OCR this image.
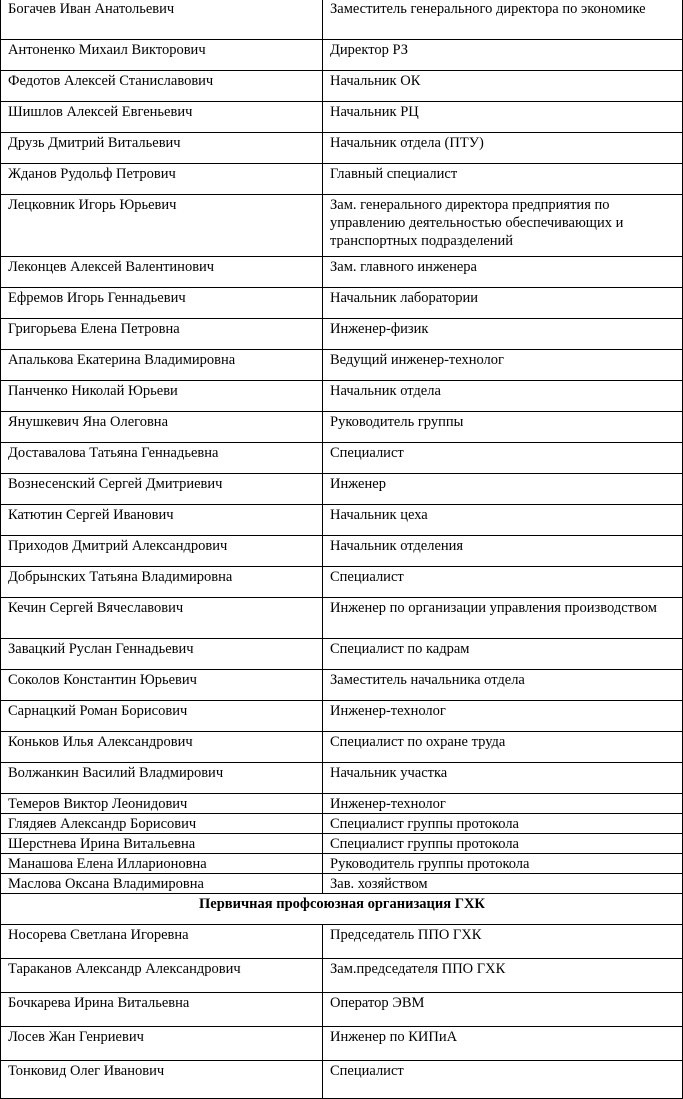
Богачев Иван Анатольевич	Заместитель генерального директора по экономике
Антоненко Михаил Викторович	Директор РЗ
Федотов Алексей Станиславович	Начальник ОК
Шишлов Алексей Евгеньевич	Начальник РЦ
Друзь Дмитрий Витальевич	Начальник отдела (ПТУ)
Жданов Рудольф Петрович	Главный специалист
Лецковник Игорь Юрьевич	Зам. генерального директора предприятия по управлению деятельностью обеспечивающих и транспортных подразделений
Леконцев Алексей Валентинович	Зам. главного инженера
Ефремов Игорь Геннадьевич	Начальник лаборатории
Григорьева Елена Петровна	Инженер-физик
Апалькова Екатерина Владимировна	Ведущий инженер-технолог
Панченко Николай Юрьеви	Начальник отдела
Янушкевич Яна Олеговна	Руководитель группы
Доставалова Татьяна Геннадьевна	Специалист
Вознесенский Сергей Дмитриевич	Инженер
Катютин Сергей Иванович	Начальник цеха
Приходов Дмитрий Александрович	Начальник отделения
Добрынских Татьяна Владимировна	Специалист
Кечин Сергей Вячеславович	Инженер по организации управления производством
Завацкий Руслан Геннадьевич	Специалист по кадрам
Соколов Константин Юрьевич	Заместитель начальника отдела
Сарнацкий Роман Борисович	Инженер-технолог
Коньков Илья Александрович	Специалист по охране труда
Волжанкин Василий Владмирович	Начальник участка
Темеров Виктор Леонидович	Инженер-технолог
Глядяев Александр Борисович	Специалист группы протокола
Шерстнева Ирина Витальевна	Специалист группы протокола
Манашова Елена Илларионовна	Руководитель группы протокола
Маслова Оксана Владимировна	Зав. хозяйством
Первичная профсоюзная организация ГХК	
Носорева Светлана Игоревна	Председатель ППО ГХК
Тараканов Александр Александрович	Зам.председателя ППО ГХК
Бочкарева Ирина Витальевна	Оператор ЭВМ
Лосев Жан Генриевич	Инженер по КИПиА
Тонковид Олег Иванович	Специалист
